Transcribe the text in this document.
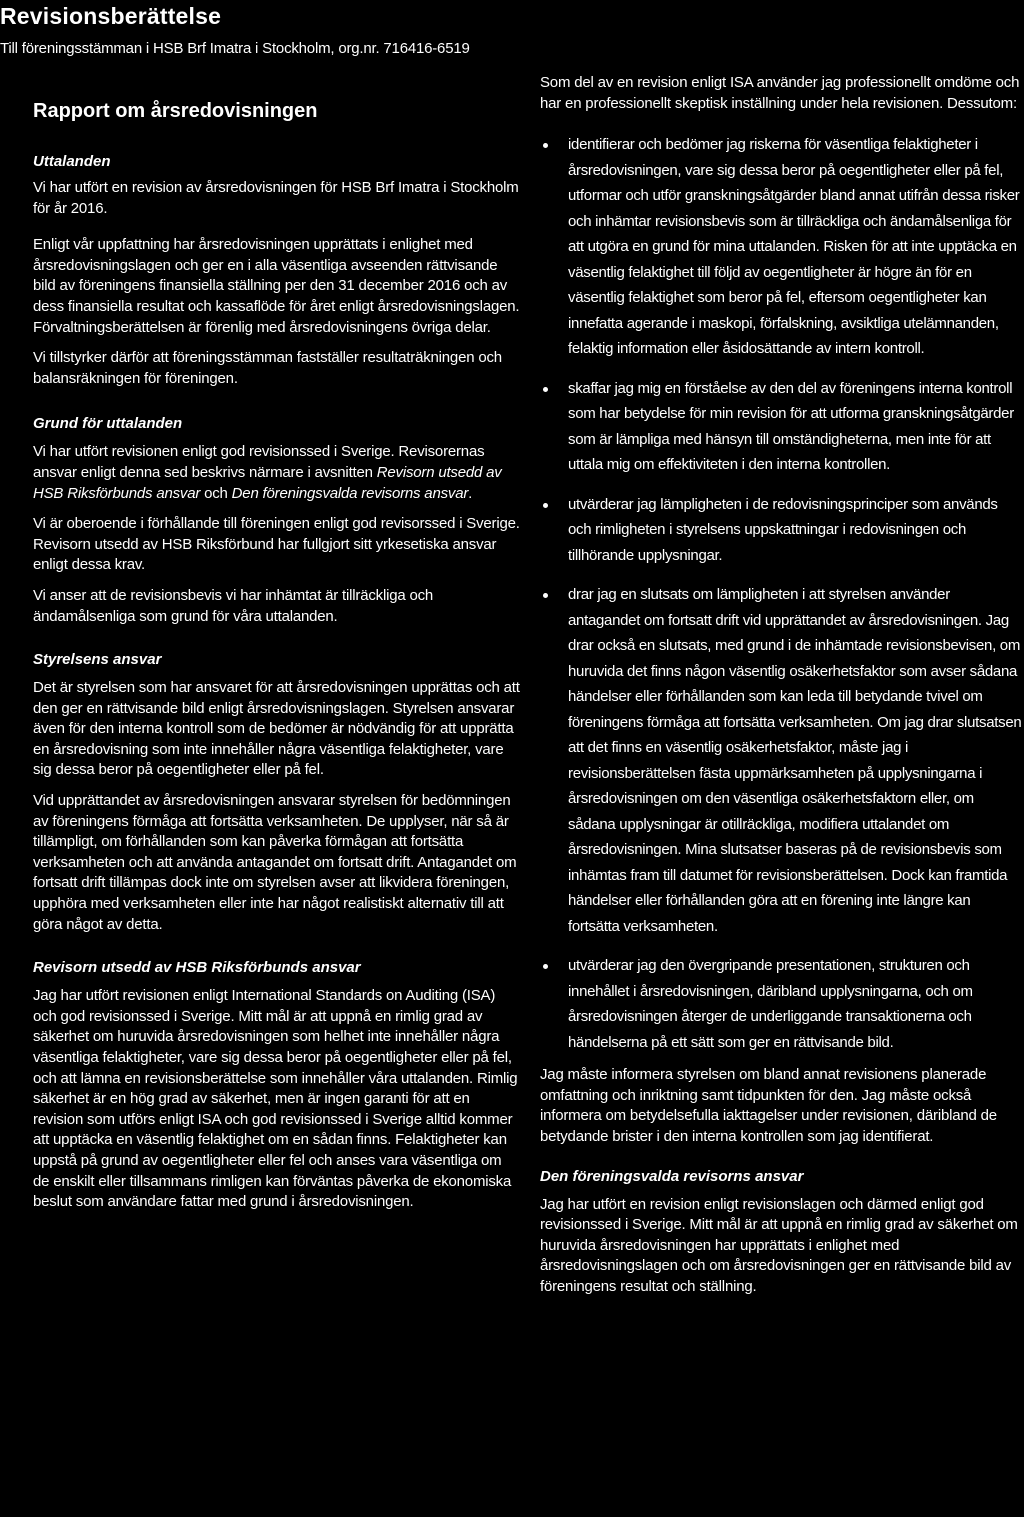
Revisionsberättelse
Till föreningsstämman i HSB Brf Imatra i Stockholm, org.nr. 716416-6519
Rapport om årsredovisningen
Uttalanden

Vi har utfört en revision av årsredovisningen för HSB Brf Imatra i Stockholm för år 2016.

Enligt vår uppfattning har årsredovisningen upprättats i enlighet med årsredovisningslagen och ger en i alla väsentliga avseenden rättvisande bild av föreningens finansiella ställning per den 31 december 2016 och av dess finansiella resultat och kassaflöde för året enligt årsredovisningslagen. Förvaltningsberättelsen är förenlig med årsredovisningens övriga delar.

Vi tillstyrker därför att föreningsstämman fastställer resultaträkningen och balansräkningen för föreningen.

Grund för uttalanden

Vi har utfört revisionen enligt god revisionssed i Sverige. Revisorernas ansvar enligt denna sed beskrivs närmare i avsnitten Revisorn utsedd av HSB Riksförbunds ansvar och Den föreningsvalda revisorns ansvar.

Vi är oberoende i förhållande till föreningen enligt god revisorssed i Sverige. Revisorn utsedd av HSB Riksförbund har fullgjort sitt yrkesetiska ansvar enligt dessa krav.

Vi anser att de revisionsbevis vi har inhämtat är tillräckliga och ändamålsenliga som grund för våra uttalanden.

Styrelsens ansvar

Det är styrelsen som har ansvaret för att årsredovisningen upprättas och att den ger en rättvisande bild enligt årsredovisningslagen. Styrelsen ansvarar även för den interna kontroll som de bedömer är nödvändig för att upprätta en årsredovisning som inte innehåller några väsentliga felaktigheter, vare sig dessa beror på oegentligheter eller på fel.

Vid upprättandet av årsredovisningen ansvarar styrelsen för bedömningen av föreningens förmåga att fortsätta verksamheten. De upplyser, när så är tillämpligt, om förhållanden som kan påverka förmågan att fortsätta verksamheten och att använda antagandet om fortsatt drift. Antagandet om fortsatt drift tillämpas dock inte om styrelsen avser att likvidera föreningen, upphöra med verksamheten eller inte har något realistiskt alternativ till att göra något av detta.

Revisorn utsedd av HSB Riksförbunds ansvar

Jag har utfört revisionen enligt International Standards on Auditing (ISA) och god revisionssed i Sverige. Mitt mål är att uppnå en rimlig grad av säkerhet om huruvida årsredovisningen som helhet inte innehåller några väsentliga felaktigheter, vare sig dessa beror på oegentligheter eller på fel, och att lämna en revisionsberättelse som innehåller våra uttalanden. Rimlig säkerhet är en hög grad av säkerhet, men är ingen garanti för att en revision som utförs enligt ISA och god revisionssed i Sverige alltid kommer att upptäcka en väsentlig felaktighet om en sådan finns. Felaktigheter kan uppstå på grund av oegentligheter eller fel och anses vara väsentliga om de enskilt eller tillsammans rimligen kan förväntas påverka de ekonomiska beslut som användare fattar med grund i årsredovisningen.

Som del av en revision enligt ISA använder jag professionellt omdöme och har en professionellt skeptisk inställning under hela revisionen. Dessutom:

identifierar och bedömer jag riskerna för väsentliga felaktigheter i årsredovisningen, vare sig dessa beror på oegentligheter eller på fel, utformar och utför granskningsåtgärder bland annat utifrån dessa risker och inhämtar revisionsbevis som är tillräckliga och ändamålsenliga för att utgöra en grund för mina uttalanden. Risken för att inte upptäcka en väsentlig felaktighet till följd av oegentligheter är högre än för en väsentlig felaktighet som beror på fel, eftersom oegentligheter kan innefatta agerande i maskopi, förfalskning, avsiktliga utelämnanden, felaktig information eller åsidosättande av intern kontroll.
skaffar jag mig en förståelse av den del av föreningens interna kontroll som har betydelse för min revision för att utforma granskningsåtgärder som är lämpliga med hänsyn till omständigheterna, men inte för att uttala mig om effektiviteten i den interna kontrollen.
utvärderar jag lämpligheten i de redovisningsprinciper som används och rimligheten i styrelsens uppskattningar i redovisningen och tillhörande upplysningar.
drar jag en slutsats om lämpligheten i att styrelsen använder antagandet om fortsatt drift vid upprättandet av årsredovisningen. Jag drar också en slutsats, med grund i de inhämtade revisionsbevisen, om huruvida det finns någon väsentlig osäkerhetsfaktor som avser sådana händelser eller förhållanden som kan leda till betydande tvivel om föreningens förmåga att fortsätta verksamheten. Om jag drar slutsatsen att det finns en väsentlig osäkerhetsfaktor, måste jag i revisionsberättelsen fästa uppmärksamheten på upplysningarna i årsredovisningen om den väsentliga osäkerhetsfaktorn eller, om sådana upplysningar är otillräckliga, modifiera uttalandet om årsredovisningen. Mina slutsatser baseras på de revisionsbevis som inhämtas fram till datumet för revisionsberättelsen. Dock kan framtida händelser eller förhållanden göra att en förening inte längre kan fortsätta verksamheten.
utvärderar jag den övergripande presentationen, strukturen och innehållet i årsredovisningen, däribland upplysningarna, och om årsredovisningen återger de underliggande transaktionerna och händelserna på ett sätt som ger en rättvisande bild.

Jag måste informera styrelsen om bland annat revisionens planerade omfattning och inriktning samt tidpunkten för den. Jag måste också informera om betydelsefulla iakttagelser under revisionen, däribland de betydande brister i den interna kontrollen som jag identifierat.

Den föreningsvalda revisorns ansvar

Jag har utfört en revision enligt revisionslagen och därmed enligt god revisionssed i Sverige. Mitt mål är att uppnå en rimlig grad av säkerhet om huruvida årsredovisningen har upprättats i enlighet med årsredovisningslagen och om årsredovisningen ger en rättvisande bild av föreningens resultat och ställning.
